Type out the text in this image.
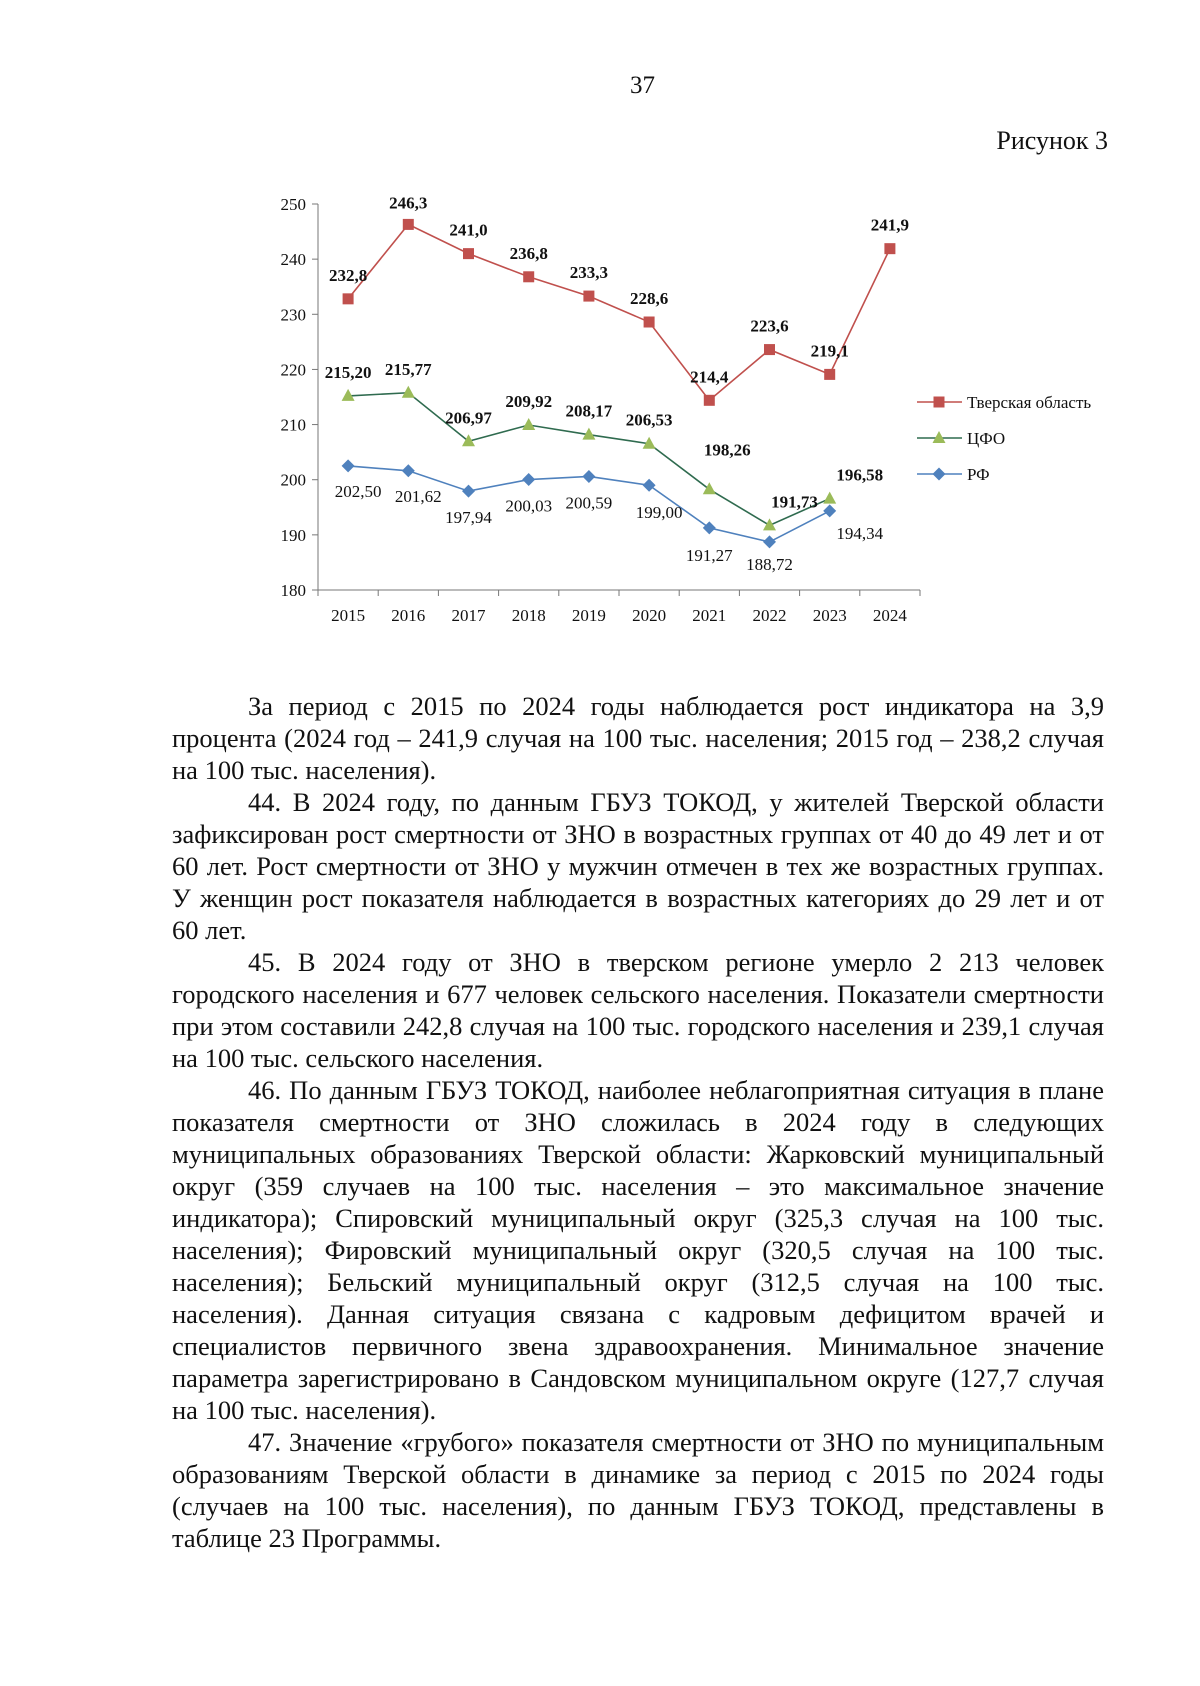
37
Рисунок 3
180
190
200
210
220
230
240
250
2015 2016 2017 2018 2019 2020 2021 2022 2023 2024
232,8
246,3
241,0
236,8
233,3
228,6
214,4
223,6
219,1
241,9
215,20 215,77
206,97
209,92
208,17 206,53
198,26
191,73
196,58
202,50 201,62
197,94
200,03 200,59
199,00
191,27 188,72
194,34
Тверская область
ЦФО
РФ

За период с 2015 по 2024 годы наблюдается рост индикатора на 3,9 процента (2024 год – 241,9 случая на 100 тыс. населения; 2015 год – 238,2 случая на 100 тыс. населения).

44. В 2024 году, по данным ГБУЗ ТОКОД, у жителей Тверской области зафиксирован рост смертности от ЗНО в возрастных группах от 40 до 49 лет и от 60 лет. Рост смертности от ЗНО у мужчин отмечен в тех же возрастных группах. У женщин рост показателя наблюдается в возрастных категориях до 29 лет и от 60 лет.

45. В 2024 году от ЗНО в тверском регионе умерло 2 213 человек городского населения и 677 человек сельского населения. Показатели смертности при этом составили 242,8 случая на 100 тыс. городского населения и 239,1 случая на 100 тыс. сельского населения.

46. По данным ГБУЗ ТОКОД, наиболее неблагоприятная ситуация в плане показателя смертности от ЗНО сложилась в 2024 году в следующих муниципальных образованиях Тверской области: Жарковский муниципальный округ (359 случаев на 100 тыс. населения – это максимальное значение индикатора); Спировский муниципальный округ (325,3 случая на 100 тыс. населения); Фировский муниципальный округ (320,5 случая на 100 тыс. населения); Бельский муниципальный округ (312,5 случая на 100 тыс. населения). Данная ситуация связана с кадровым дефицитом врачей и специалистов первичного звена здравоохранения. Минимальное значение параметра зарегистрировано в Сандовском муниципальном округе (127,7 случая на 100 тыс. населения).

47. Значение «грубого» показателя смертности от ЗНО по муниципальным образованиям Тверской области в динамике за период с 2015 по 2024 годы (случаев на 100 тыс. населения), по данным ГБУЗ ТОКОД, представлены в таблице 23 Программы.
